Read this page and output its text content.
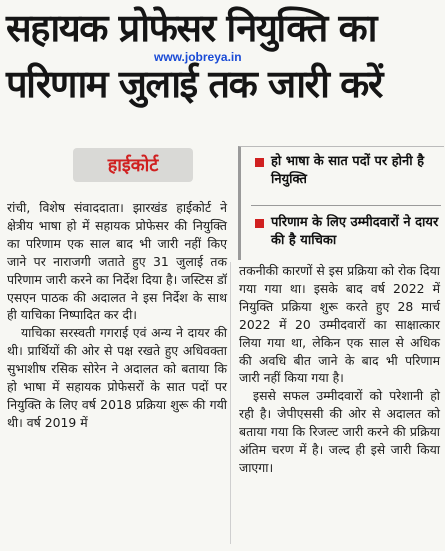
सहायक प्रोफेसर नियुक्ति का
परिणाम जुलाई तक जारी करें
www.jobreya.in
हाईकोर्ट

रांची, विशेष संवाददाता। झारखंड हाईकोर्ट ने क्षेत्रीय भाषा हो में सहायक प्रोफेसर की नियुक्ति का परिणाम एक साल बाद भी जारी नहीं किए जाने पर नाराजगी जताते हुए 31 जुलाई तक परिणाम जारी करने का निर्देश दिया है। जस्टिस डॉ एसएन पाठक की अदालत ने इस निर्देश के साथ ही याचिका निष्पादित कर दी।

याचिका सरस्वती गगराई एवं अन्य ने दायर की थी। प्रार्थियों की ओर से पक्ष रखते हुए अधिवक्ता सुभाशीष रसिक सोरेन ने अदालत को बताया कि हो भाषा में सहायक प्रोफेसरों के सात पदों पर नियुक्ति के लिए वर्ष 2018 प्रक्रिया शुरू की गयी थी। वर्ष 2019 में

हो भाषा के सात पदों पर होनी है नियुक्ति
परिणाम के लिए उम्मीदवारों ने दायर की है याचिका

तकनीकी कारणों से इस प्रक्रिया को रोक दिया गया गया था। इसके बाद वर्ष 2022 में नियुक्ति प्रक्रिया शुरू करते हुए 28 मार्च 2022 में 20 उम्मीदवारों का साक्षात्कार लिया गया था, लेकिन एक साल से अधिक की अवधि बीत जाने के बाद भी परिणाम जारी नहीं किया गया है।

इससे सफल उम्मीदवारों को परेशानी हो रही है। जेपीएससी की ओर से अदालत को बताया गया कि रिजल्ट जारी करने की प्रक्रिया अंतिम चरण में है। जल्द ही इसे जारी किया जाएगा।
